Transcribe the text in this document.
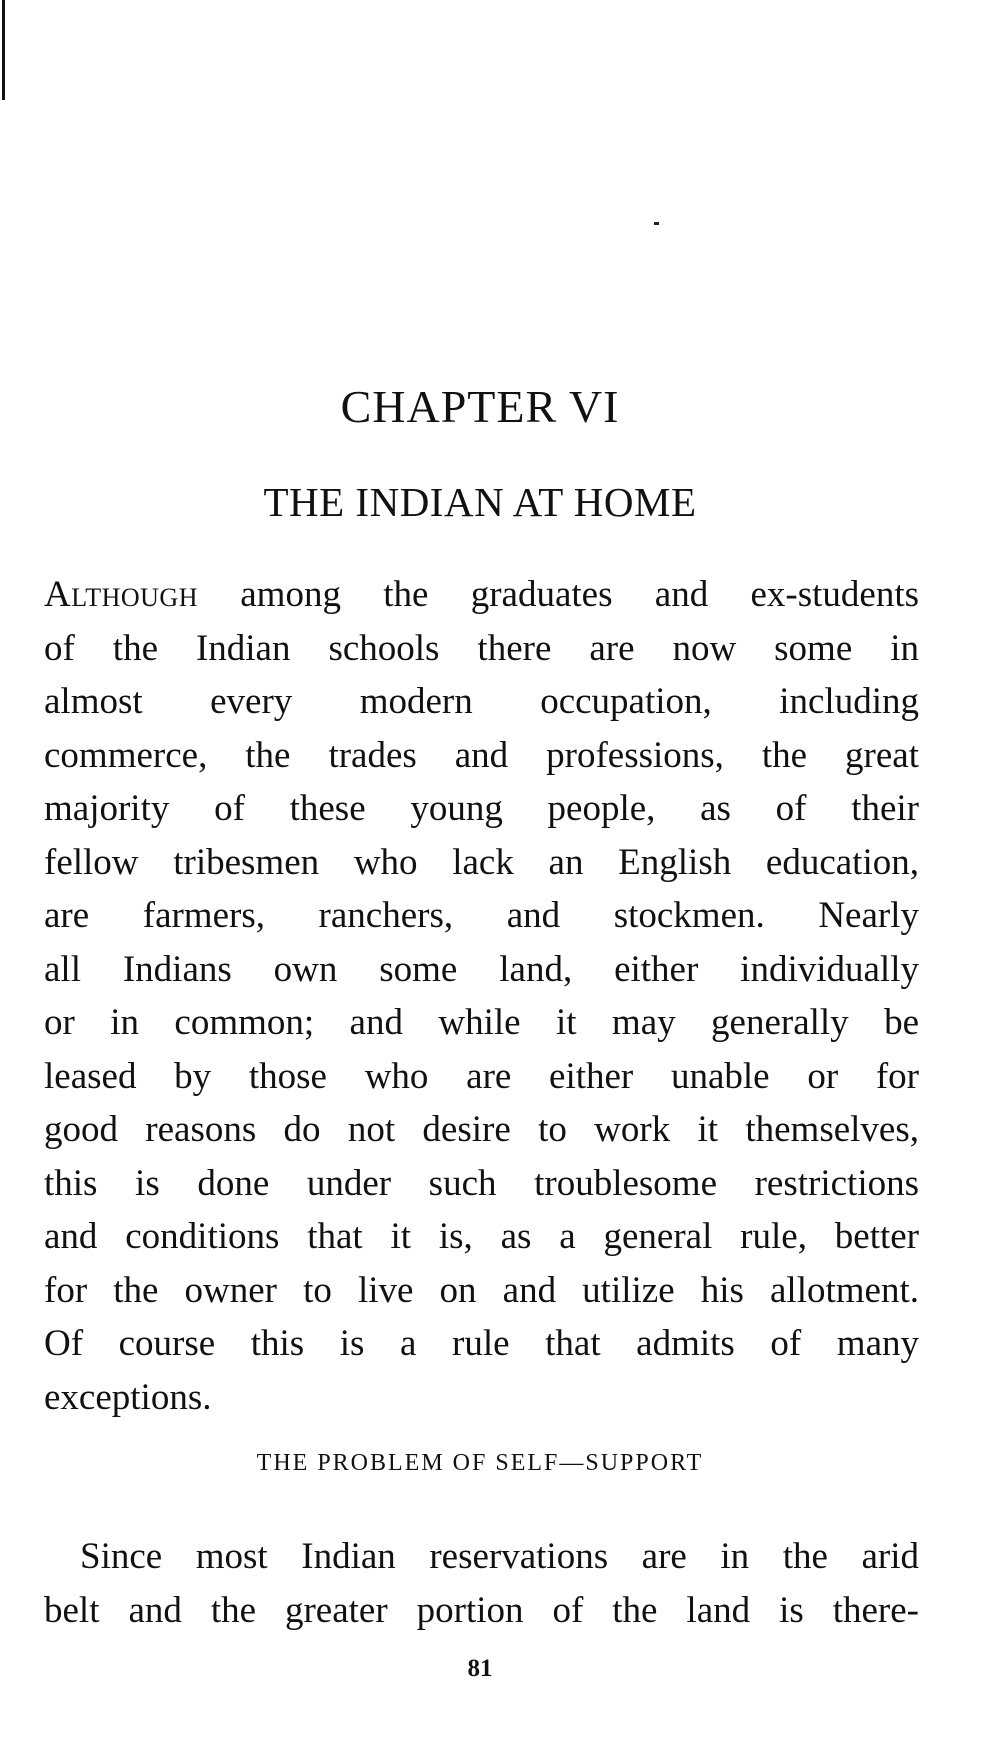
CHAPTER VI
THE INDIAN AT HOME
Although among the graduates and ex-students
of the Indian schools there are now some in
almost every modern occupation, including
commerce, the trades and professions, the great
majority of these young people, as of their
fellow tribesmen who lack an English education,
are farmers, ranchers, and stockmen. Nearly
all Indians own some land, either individually
or in common; and while it may generally be
leased by those who are either unable or for
good reasons do not desire to work it themselves,
this is done under such troublesome restrictions
and conditions that it is, as a general rule, better
for the owner to live on and utilize his allotment.
Of course this is a rule that admits of many
exceptions.
THE PROBLEM OF SELF—SUPPORT
Since most Indian reservations are in the arid
belt and the greater portion of the land is there-
81
